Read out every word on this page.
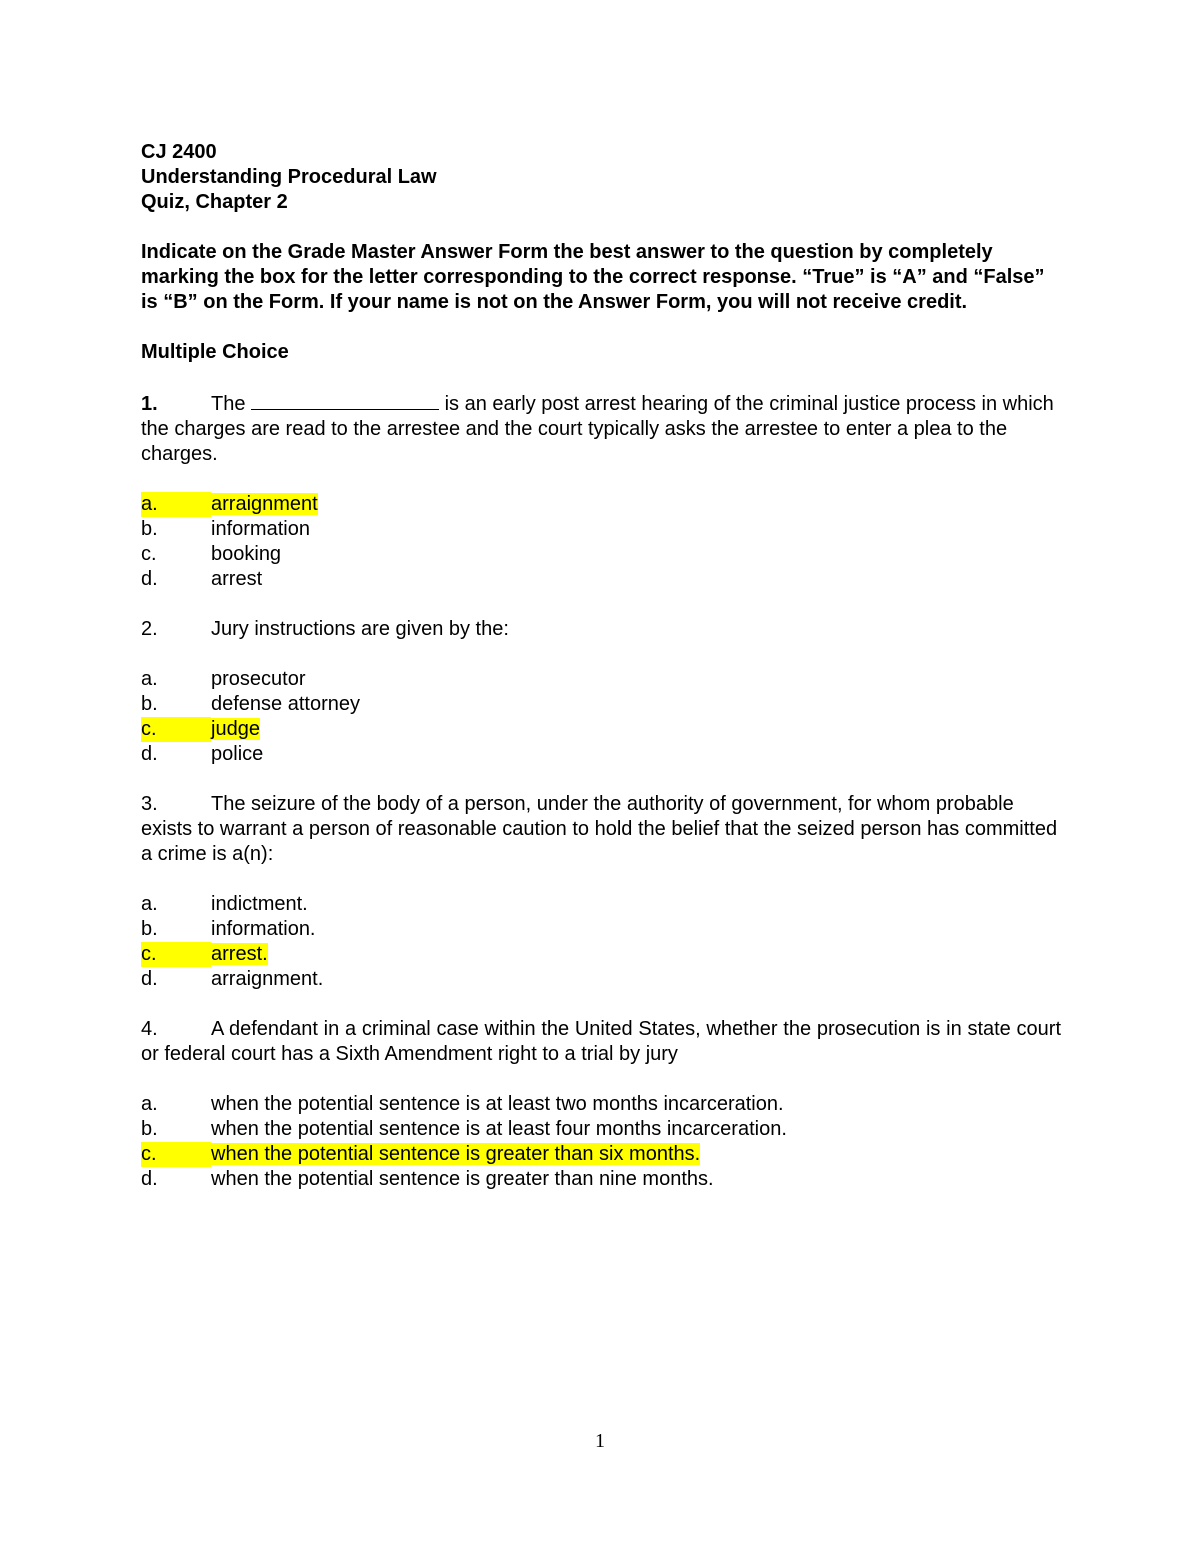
CJ 2400
Understanding Procedural Law
Quiz, Chapter 2
Indicate on the Grade Master Answer Form the best answer to the question by completely marking the box for the letter corresponding to the correct response. “True” is “A” and “False” is “B” on the Form. If your name is not on the Answer Form, you will not receive credit.
Multiple Choice
1.	The	is an early post arrest hearing of the criminal justice process in which the charges are read to the arrestee and the court typically asks the arrestee to enter a plea to the charges.
a.	arraignment
b.	information
c.	booking
d.	arrest
2.	Jury instructions are given by the:
a.	prosecutor
b.	defense attorney
c.	judge
d.	police
3.	The seizure of the body of a person, under the authority of government, for whom probable exists to warrant a person of reasonable caution to hold the belief that the seized person has committed a crime is a(n):
a.	indictment.
b.	information.
c.	arrest.
d.	arraignment.
4.	A defendant in a criminal case within the United States, whether the prosecution is in state court or federal court has a Sixth Amendment right to a trial by jury
a.	when the potential sentence is at least two months incarceration.
b.	when the potential sentence is at least four months incarceration.
c.	when the potential sentence is greater than six months.
d.	when the potential sentence is greater than nine months.
1
